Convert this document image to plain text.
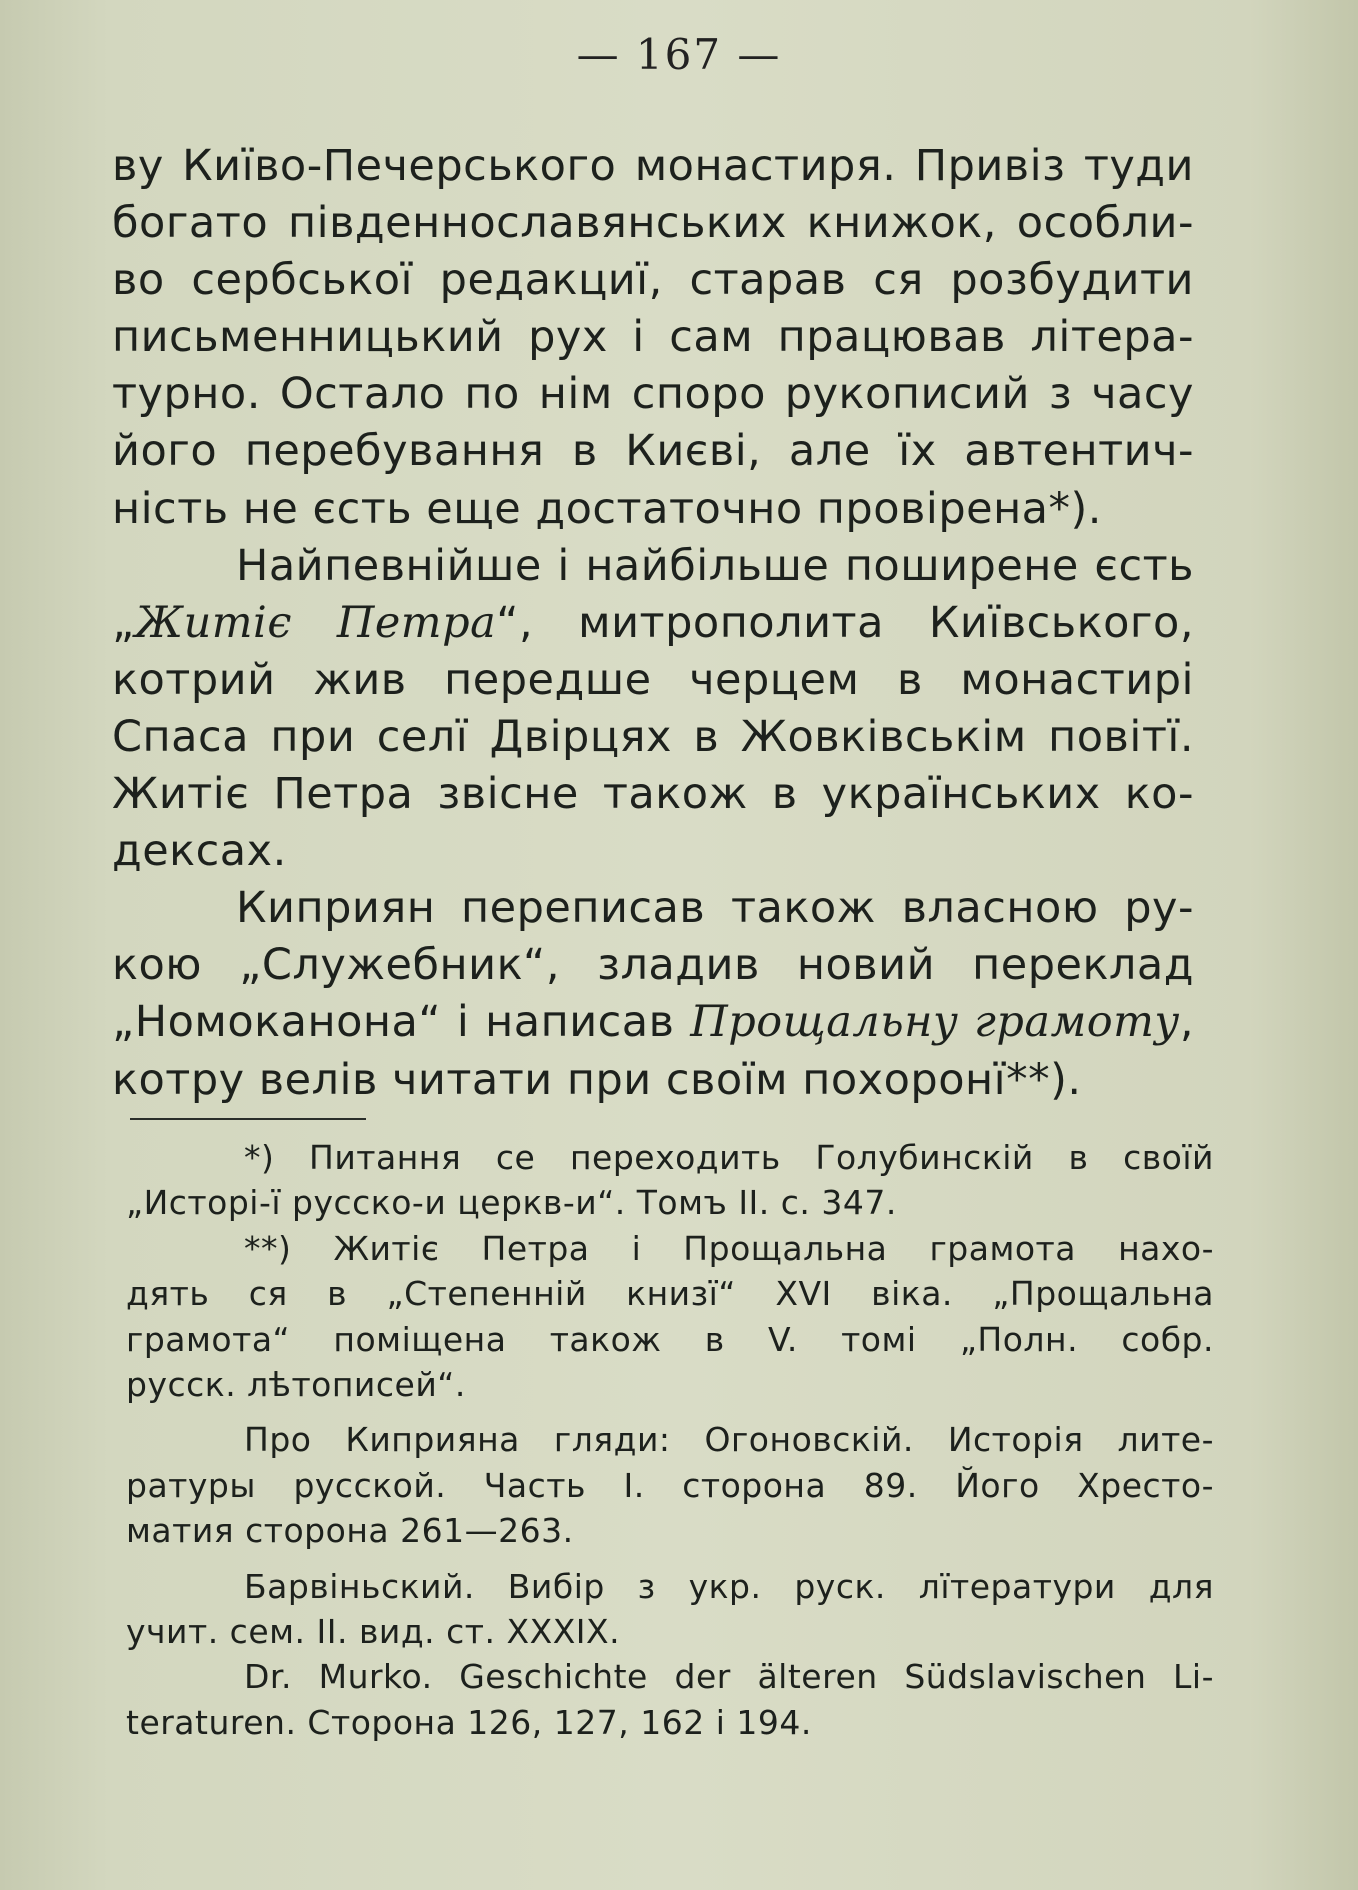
— 167 —
ву Київо-Печерського монастиря. Привіз туди
богато південнославянських книжок, особли-
во сербської редакциї, старав ся розбудити
письменницький рух і сам працював літера-
турно. Остало по нім споро рукописий з часу
його перебування в Києві, але їх автентич-
ність не єсть еще достаточно провірена*).
Найпевнійше і найбільше поширене єсть
„Житіє Петра“, митрополита Київського,
котрий жив передше черцем в монастирі
Спаса при селї Двірцях в Жовківськім повітї.
Житіє Петра звісне також в українських ко-
дексах.
Киприян переписав також власною ру-
кою „Служебник“, зладив новий переклад
„Номоканона“ і написав Прощальну грамоту,
котру велів читати при своїм похоронї**).
*) Питання се переходить Голубинскій в своїй
„Исторі-ї русско-и церкв-и“. Томъ II. с. 347.
**) Житіє Петра і Прощальна грамота нахо-
дять ся в „Степенній книзї“ XVI віка. „Прощальна
грамота“ поміщена також в V. томі „Полн. собр.
русск. лѣтописей“.
Про Киприяна гляди: Огоновскій. Исторія лите-
ратуры русской. Часть I. сторона 89. Його Хресто-
матия сторона 261—263.
Барвіньский. Вибір з укр. руск. лїтератури для
учит. сем. II. вид. ст. XXXIX.
Dr. Murko. Geschichte der älteren Südslavischen Li-
teraturen. Сторона 126, 127, 162 і 194.
